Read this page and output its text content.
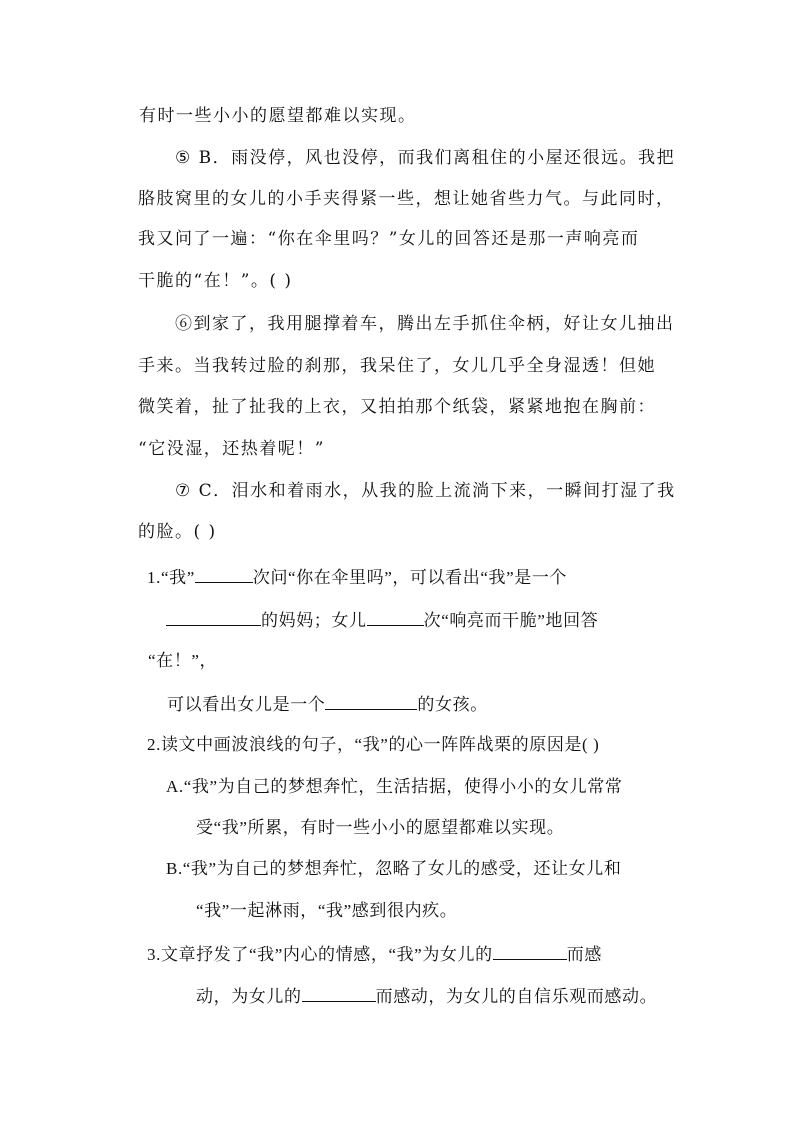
有时一些小小的愿望都难以实现。
⑤ B．雨没停，风也没停，而我们离租住的小屋还很远。我把
胳肢窝里的女儿的小手夹得紧一些，想让她省些力气。与此同时，
我又问了一遍：“你在伞里吗？”女儿的回答还是那一声响亮而
干脆的“在！”。( )
⑥到家了，我用腿撑着车，腾出左手抓住伞柄，好让女儿抽出
手来。当我转过脸的刹那，我呆住了，女儿几乎全身湿透！但她
微笑着，扯了扯我的上衣，又拍拍那个纸袋，紧紧地抱在胸前：
“它没湿，还热着呢！”
⑦ C．泪水和着雨水，从我的脸上流淌下来，一瞬间打湿了我
的脸。( )
1.“我”	次问“你在伞里吗”，可以看出“我”是一个
的妈妈；女儿	次“响亮而干脆”地回答
“在！”，
可以看出女儿是一个	的女孩。
2.读文中画波浪线的句子，“我”的心一阵阵战栗的原因是( )
A.“我”为自己的梦想奔忙，生活拮据，使得小小的女儿常常
受“我”所累，有时一些小小的愿望都难以实现。
B.“我”为自己的梦想奔忙，忽略了女儿的感受，还让女儿和
“我”一起淋雨，“我”感到很内疚。
3.文章抒发了“我”内心的情感，“我”为女儿的	而感
动，为女儿的	而感动，为女儿的自信乐观而感动。
